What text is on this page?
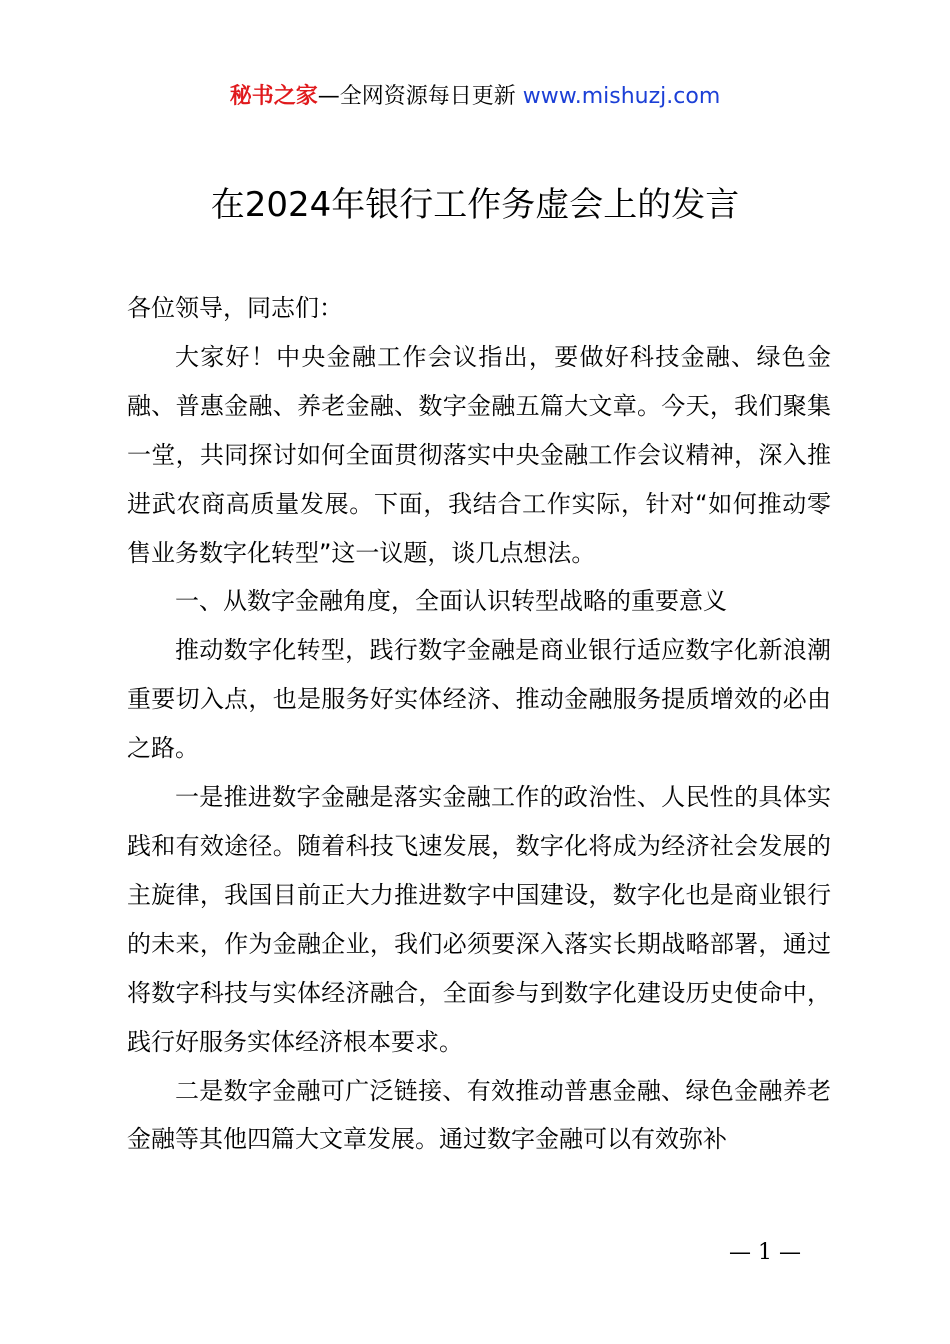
秘书之家—全网资源每日更新 www.mishuzj.com
在2024年银行工作务虚会上的发言

各位领导，同志们：

大家好！中央金融工作会议指出，要做好科技金融、绿色金融、普惠金融、养老金融、数字金融五篇大文章。今天，我们聚集一堂，共同探讨如何全面贯彻落实中央金融工作会议精神，深入推进武农商高质量发展。下面，我结合工作实际，针对“如何推动零售业务数字化转型”这一议题，谈几点想法。

一、从数字金融角度，全面认识转型战略的重要意义

推动数字化转型，践行数字金融是商业银行适应数字化新浪潮重要切入点，也是服务好实体经济、推动金融服务提质增效的必由之路。

一是推进数字金融是落实金融工作的政治性、人民性的具体实践和有效途径。随着科技飞速发展，数字化将成为经济社会发展的主旋律，我国目前正大力推进数字中国建设，数字化也是商业银行的未来，作为金融企业，我们必须要深入落实长期战略部署，通过将数字科技与实体经济融合，全面参与到数字化建设历史使命中，践行好服务实体经济根本要求。

二是数字金融可广泛链接、有效推动普惠金融、绿色金融养老金融等其他四篇大文章发展。通过数字金融可以有效弥补

— 1 —
